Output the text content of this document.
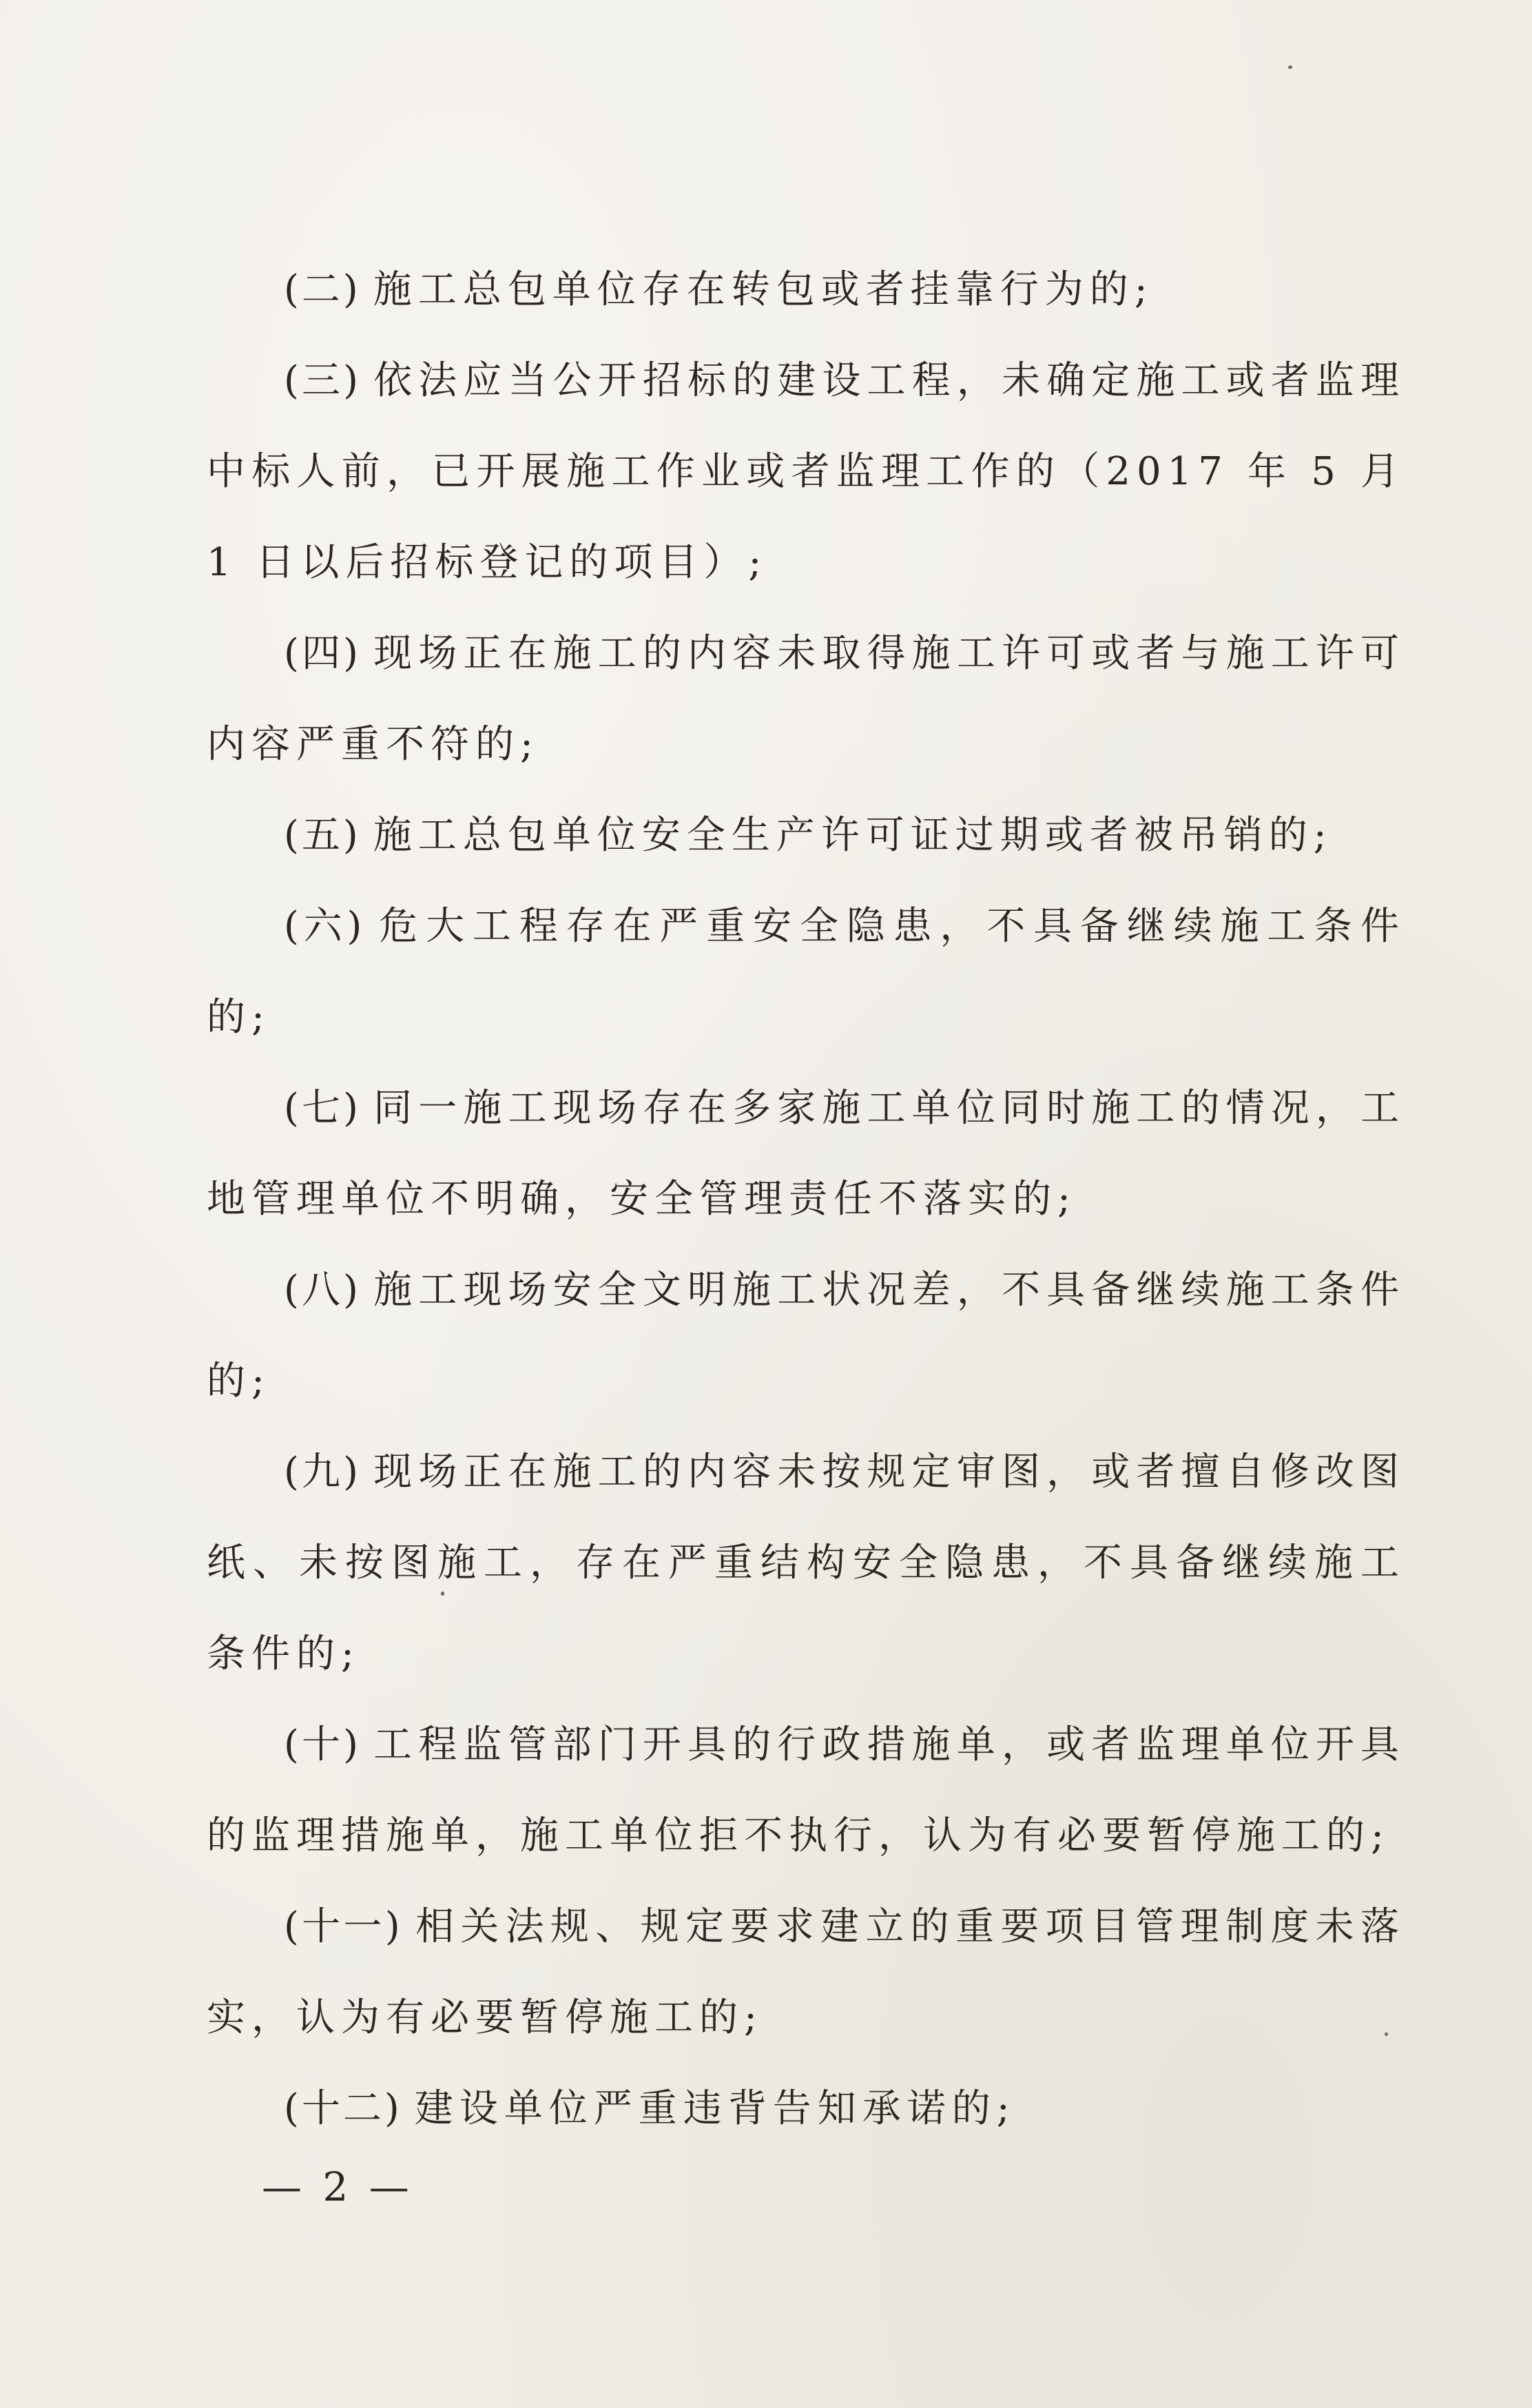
(二) 施工总包单位存在转包或者挂靠行为的;

(三) 依法应当公开招标的建设工程，未确定施工或者监理中标人前，已开展施工作业或者监理工作的（2017 年 5 月 1 日以后招标登记的项目）;

(四) 现场正在施工的内容未取得施工许可或者与施工许可内容严重不符的;

(五) 施工总包单位安全生产许可证过期或者被吊销的;

(六) 危大工程存在严重安全隐患，不具备继续施工条件的;

(七) 同一施工现场存在多家施工单位同时施工的情况，工地管理单位不明确，安全管理责任不落实的;

(八) 施工现场安全文明施工状况差，不具备继续施工条件的;

(九) 现场正在施工的内容未按规定审图，或者擅自修改图纸、未按图施工，存在严重结构安全隐患，不具备继续施工条件的;

(十) 工程监管部门开具的行政措施单，或者监理单位开具的监理措施单，施工单位拒不执行，认为有必要暂停施工的;

(十一) 相关法规、规定要求建立的重要项目管理制度未落实，认为有必要暂停施工的;

(十二) 建设单位严重违背告知承诺的;

— 2 —
